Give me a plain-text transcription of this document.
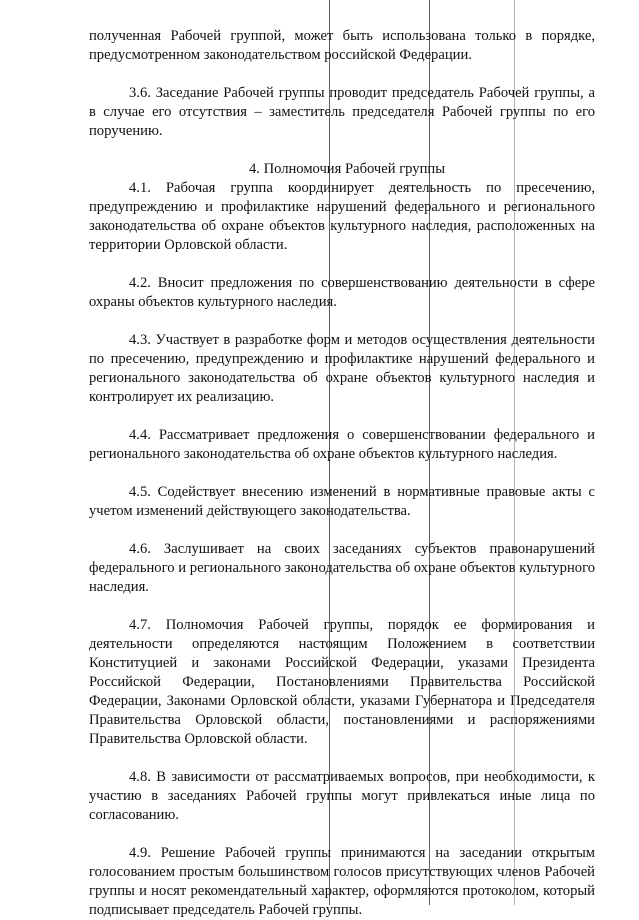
полученная Рабочей группой, может быть использована только в порядке, предусмотренном законодательством российской Федерации.

3.6. Заседание Рабочей группы проводит председатель Рабочей группы, а в случае его отсутствия – заместитель председателя Рабочей группы по его поручению.

4. Полномочия Рабочей группы

4.1. Рабочая группа координирует деятельность по пресечению, предупреждению и профилактике нарушений федерального и регионального законодательства об охране объектов культурного наследия, расположенных на территории Орловской области.

4.2. Вносит предложения по совершенствованию деятельности в сфере охраны объектов культурного наследия.

4.3. Участвует в разработке форм и методов осуществления деятельности по пресечению, предупреждению и профилактике нарушений федерального и регионального законодательства об охране объектов культурного наследия и контролирует их реализацию.

4.4. Рассматривает предложения о совершенствовании федерального и регионального законодательства об охране объектов культурного наследия.

4.5. Содействует внесению изменений в нормативные правовые акты с учетом изменений действующего законодательства.

4.6. Заслушивает на своих заседаниях субъектов правонарушений федерального и регионального законодательства об охране объектов культурного наследия.

4.7. Полномочия Рабочей группы, порядок ее формирования и деятельности определяются настоящим Положением в соответствии Конституцией и законами Российской Федерации, указами Президента Российской Федерации, Постановлениями Правительства Российской Федерации, Законами Орловской области, указами Губернатора и Председателя Правительства Орловской области, постановлениями и распоряжениями Правительства Орловской области.

4.8. В зависимости от рассматриваемых вопросов, при необходимости, к участию в заседаниях Рабочей группы могут привлекаться иные лица по согласованию.

4.9. Решение Рабочей группы принимаются на заседании открытым голосованием простым большинством голосов присутствующих членов Рабочей группы и носят рекомендательный характер, оформляются протоколом, который подписывает председатель Рабочей группы.
